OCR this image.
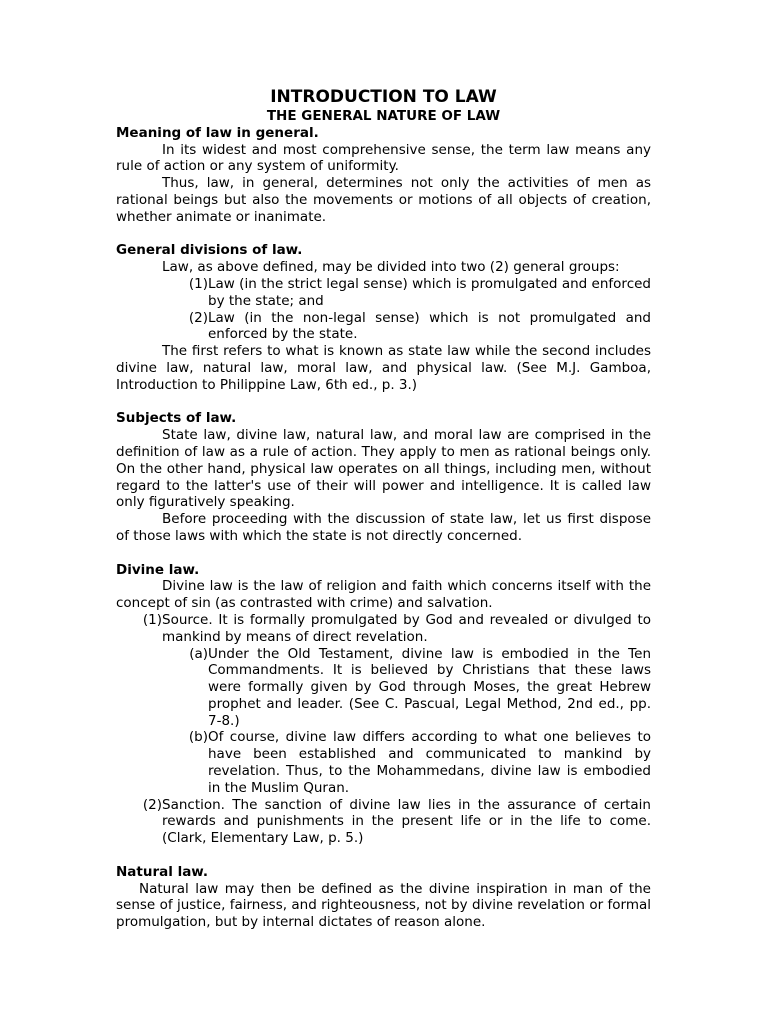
INTRODUCTION TO LAW

THE GENERAL NATURE OF LAW

Meaning of law in general.

In its widest and most comprehensive sense, the term law means any rule of action or any system of uniformity.

Thus, law, in general, determines not only the activities of men as rational beings but also the movements or motions of all objects of creation, whether animate or inanimate.

General divisions of law.

Law, as above defined, may be divided into two (2) general groups:

(1) Law (in the strict legal sense) which is promulgated and enforced by the state; and
(2) Law (in the non-legal sense) which is not promulgated and enforced by the state.

The first refers to what is known as state law while the second includes divine law, natural law, moral law, and physical law. (See M.J. Gamboa, Introduction to Philippine Law, 6th ed., p. 3.)

Subjects of law.

State law, divine law, natural law, and moral law are comprised in the definition of law as a rule of action. They apply to men as rational beings only. On the other hand, physical law operates on all things, including men, without regard to the latter's use of their will power and intelligence. It is called law only figuratively speaking.

Before proceeding with the discussion of state law, let us first dispose of those laws with which the state is not directly concerned.

Divine law.

Divine law is the law of religion and faith which concerns itself with the concept of sin (as contrasted with crime) and salvation.

(1) Source. It is formally promulgated by God and revealed or divulged to mankind by means of direct revelation.
(a) Under the Old Testament, divine law is embodied in the Ten Commandments. It is believed by Christians that these laws were formally given by God through Moses, the great Hebrew prophet and leader. (See C. Pascual, Legal Method, 2nd ed., pp. 7-8.)
(b) Of course, divine law differs according to what one believes to have been established and communicated to mankind by revelation. Thus, to the Mohammedans, divine law is embodied in the Muslim Quran.
(2) Sanction. The sanction of divine law lies in the assurance of certain rewards and punishments in the present life or in the life to come. (Clark, Elementary Law, p. 5.)

Natural law.

Natural law may then be defined as the divine inspiration in man of the sense of justice, fairness, and righteousness, not by divine revelation or formal promulgation, but by internal dictates of reason alone.
